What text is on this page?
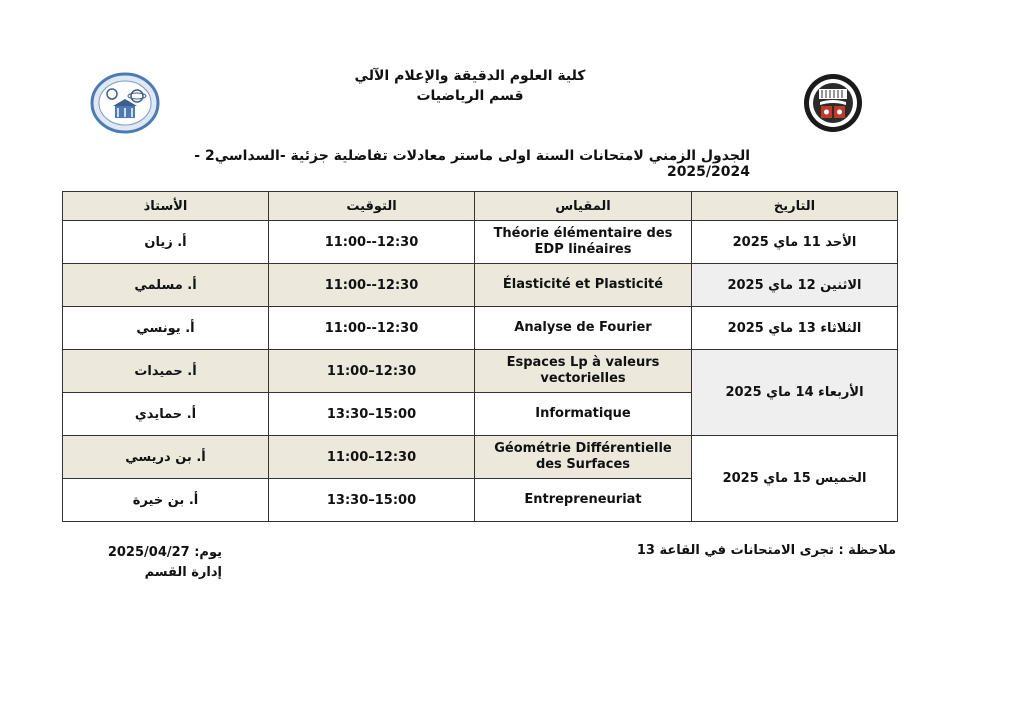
كلية العلوم الدقيقة والإعلام الآلي
قسم الرياضيات
الجدول الزمني لامتحانات السنة اولى ماستر معادلات تفاضلية جزئية -السداسي2 - 2025/2024
التاريخ	المقياس	التوقيت	الأستاذ
الأحد 11 ماي 2025	Théorie élémentaire des EDP linéaires	11:00--12:30	أ. زيان
الاثنين 12 ماي 2025	Élasticité et Plasticité	11:00--12:30	أ. مسلمي
الثلاثاء 13 ماي 2025	Analyse de Fourier	11:00--12:30	أ. يونسي
الأربعاء 14 ماي 2025	Espaces Lp à valeurs vectorielles	11:00–12:30	أ. حميدات
	Informatique	13:30–15:00	أ. حمايدي
الخميس 15 ماي 2025	Géométrie Différentielle des Surfaces	11:00–12:30	أ. بن دريسي
	Entrepreneuriat	13:30–15:00	أ. بن خيرة
ملاحظة : تجرى الامتحانات في القاعة 13
يوم: 2025/04/27
إدارة القسم
